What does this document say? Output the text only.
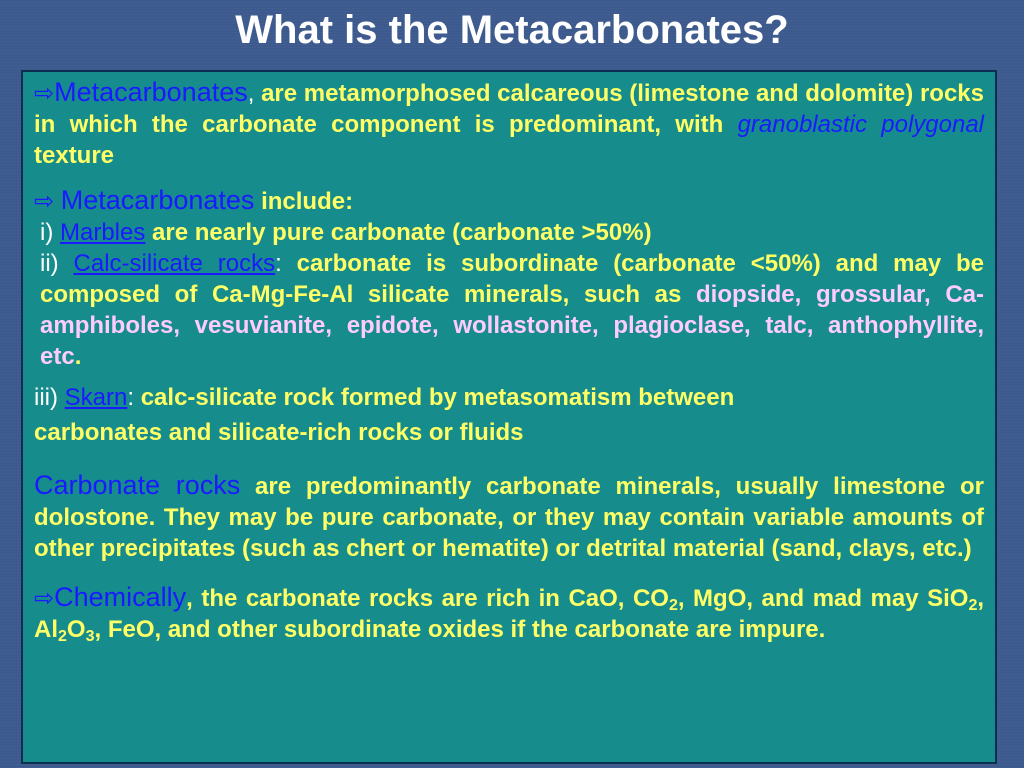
What is the Metacarbonates?

⇨Metacarbonates, are metamorphosed calcareous (limestone and dolomite) rocks in which the carbonate component is predominant, with granoblastic polygonal texture

⇨ Metacarbonates include:

i) Marbles are nearly pure carbonate (carbonate >50%)

ii) Calc-silicate rocks: carbonate is subordinate (carbonate <50%) and may be composed of Ca-Mg-Fe-Al silicate minerals, such as diopside, grossular, Ca-amphiboles, vesuvianite, epidote, wollastonite, plagioclase, talc, anthophyllite, etc.

iii) Skarn: calc-silicate rock formed by metasomatism between

carbonates and silicate-rich rocks or fluids

Carbonate rocks are predominantly carbonate minerals, usually limestone or dolostone. They may be pure carbonate, or they may contain variable amounts of other precipitates (such as chert or hematite) or detrital material (sand, clays, etc.)

⇨Chemically, the carbonate rocks are rich in CaO, $CO_2$, MgO, and mad may SiO$_2$, $Al_2O_3$, FeO, and other subordinate oxides if the carbonate are impure.
